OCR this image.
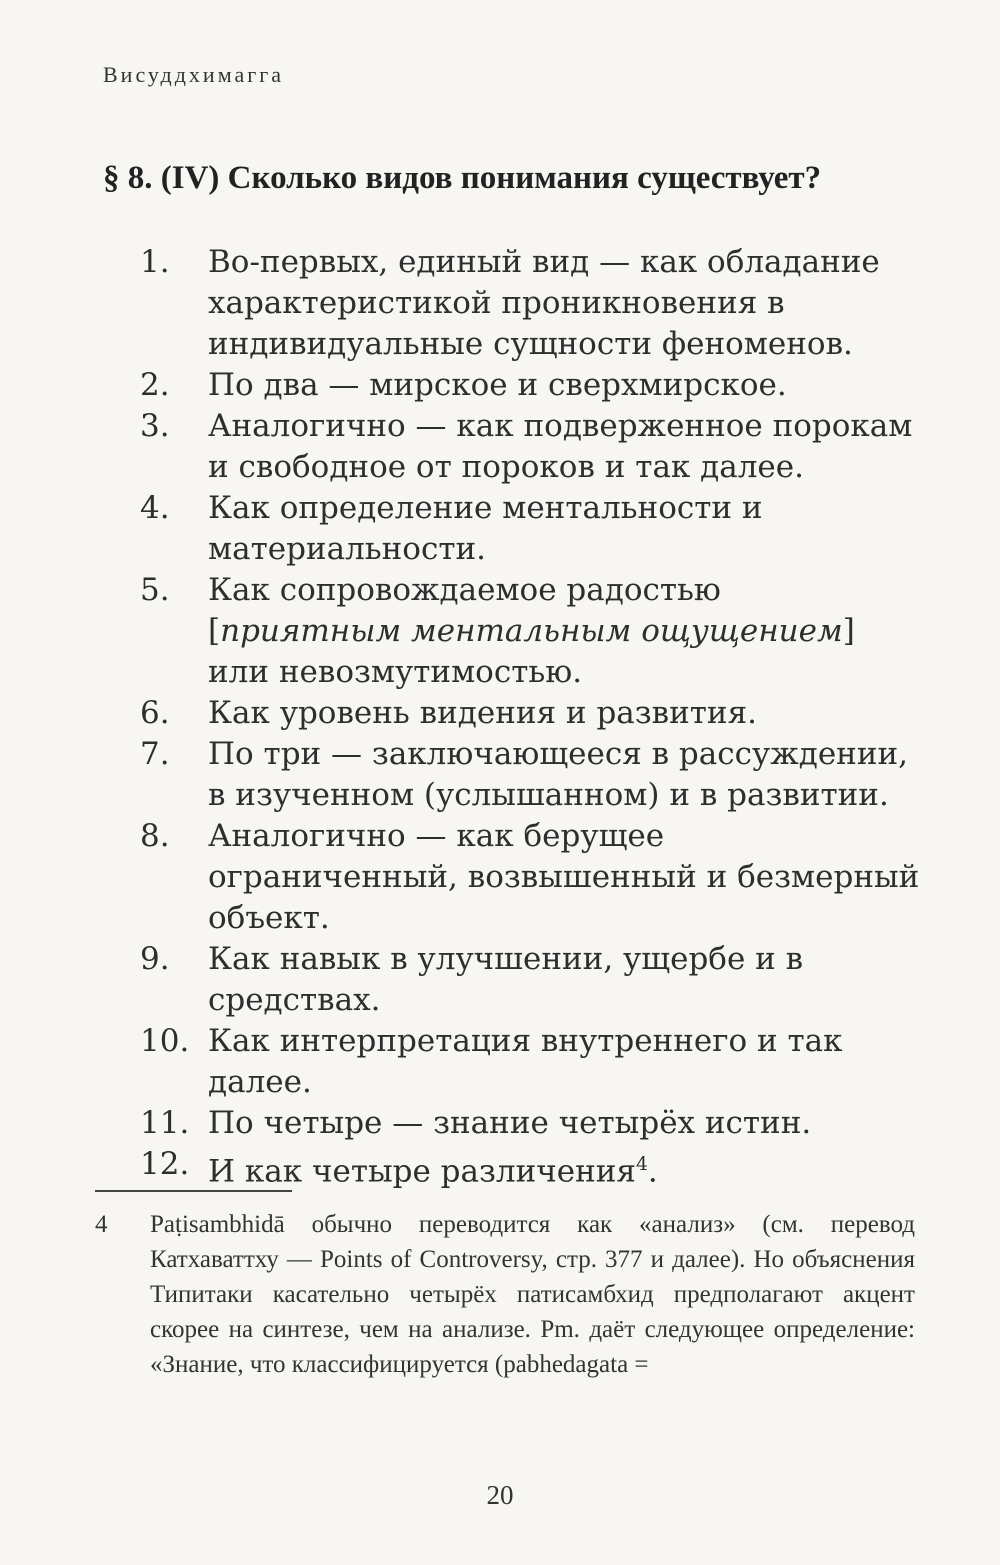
Висуддхимагга
§ 8. (IV) Сколько видов понимания существует?
1.	Во-первых, единый вид — как обладание характеристикой проникновения в индивидуальные сущности феноменов.
2.	По два — мирское и сверхмирское.
3.	Аналогично — как подверженное порокам и свободное от пороков и так далее.
4.	Как определение ментальности и материальности.
5.	Как сопровождаемое радостью [приятным ментальным ощущением] или невозмутимостью.
6.	Как уровень видения и развития.
7.	По три — заключающееся в рассуждении, в изученном (услышанном) и в развитии.
8.	Аналогично — как берущее ограниченный, возвышенный и безмерный объект.
9.	Как навык в улучшении, ущербе и в средствах.
10. Как интерпретация внутреннего и так далее.
11. По четыре — знание четырёх истин.
12. И как четыре различения$^4$.
4	Paṭisambhidā обычно переводится как «анализ» (см. перевод Катхаваттху — Points of Controversy, стр. 377 и далее). Но объяснения Типитаки касательно четырёх патисамбхид предполагают акцент скорее на синтезе, чем на анализе. Pm. даёт следующее определение: «Знание, что классифицируется (pabhedagata =
20
